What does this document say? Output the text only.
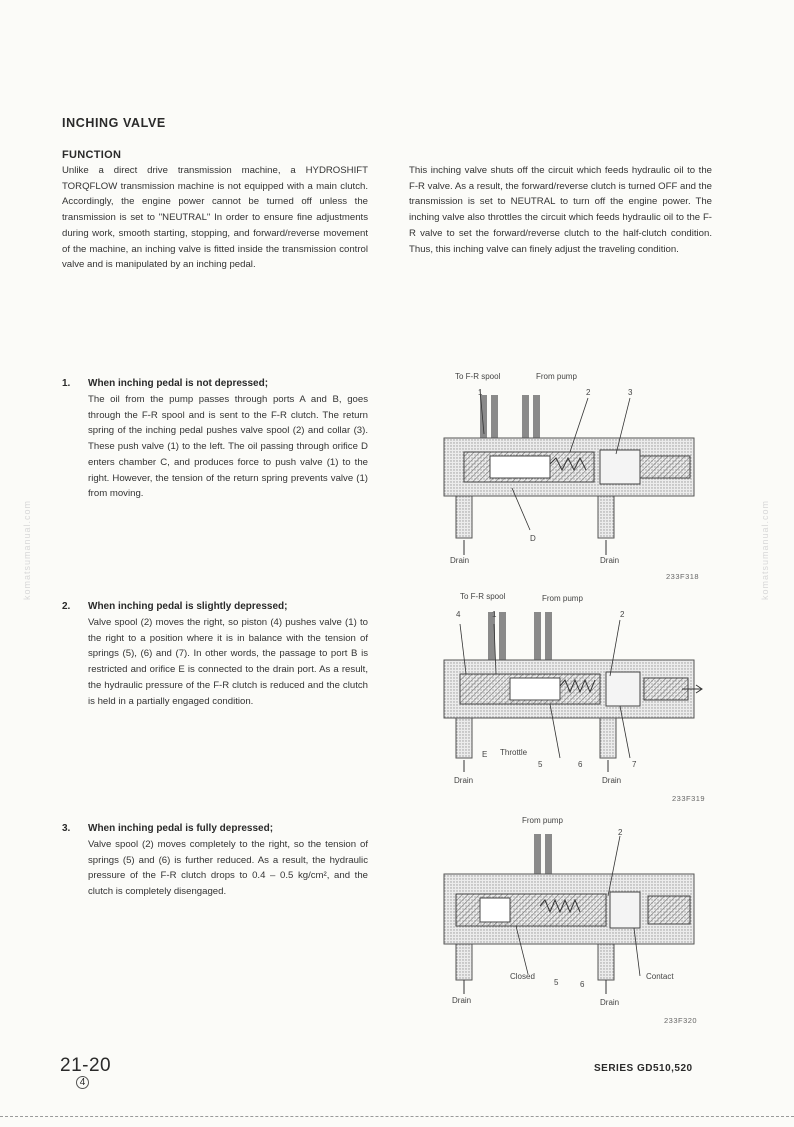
INCHING VALVE
FUNCTION
Unlike a direct drive transmission machine, a HYDROSHIFT TORQFLOW transmission machine is not equipped with a main clutch. Accordingly, the engine power cannot be turned off unless the transmission is set to "NEUTRAL" In order to ensure fine adjustments during work, smooth starting, stopping, and forward/reverse movement of the machine, an inching valve is fitted inside the transmission control valve and is manipulated by an inching pedal.
This inching valve shuts off the circuit which feeds hydraulic oil to the F-R valve. As a result, the forward/reverse clutch is turned OFF and the transmission is set to NEUTRAL to turn off the engine power. The inching valve also throttles the circuit which feeds hydraulic oil to the F-R valve to set the forward/reverse clutch to the half-clutch condition. Thus, this inching valve can finely adjust the traveling condition.
1. When inching pedal is not depressed;
The oil from the pump passes through ports A and B, goes through the F-R spool and is sent to the F-R clutch. The return spring of the inching pedal pushes valve spool (2) and collar (3). These push valve (1) to the left. The oil passing through orifice D enters chamber C, and produces force to push valve (1) to the right. However, the tension of the return spring prevents valve (1) from moving.
2. When inching pedal is slightly depressed;
Valve spool (2) moves the right, so piston (4) pushes valve (1) to the right to a position where it is in balance with the tension of springs (5), (6) and (7). In other words, the passage to port B is restricted and orifice E is connected to the drain port. As a result, the hydraulic pressure of the F-R clutch is reduced and the clutch is held in a partially engaged condition.
3. When inching pedal is fully depressed;
Valve spool (2) moves completely to the right, so the tension of springs (5) and (6) is further reduced. As a result, the hydraulic pressure of the F-R clutch drops to 0.4 – 0.5 kg/cm², and the clutch is completely disengaged.
To F-R spool	From pump
1	2	3
D
Drain	Drain
233F318
To F-R spool	From pump
4	1	2
E Throttle
5	6	7
Drain	Drain
233F319
From pump
2
Closed
5	6
Contact
Drain	Drain
233F320
komatsumanual.com	komatsumanual.com
21-20
4
SERIES GD510,520
